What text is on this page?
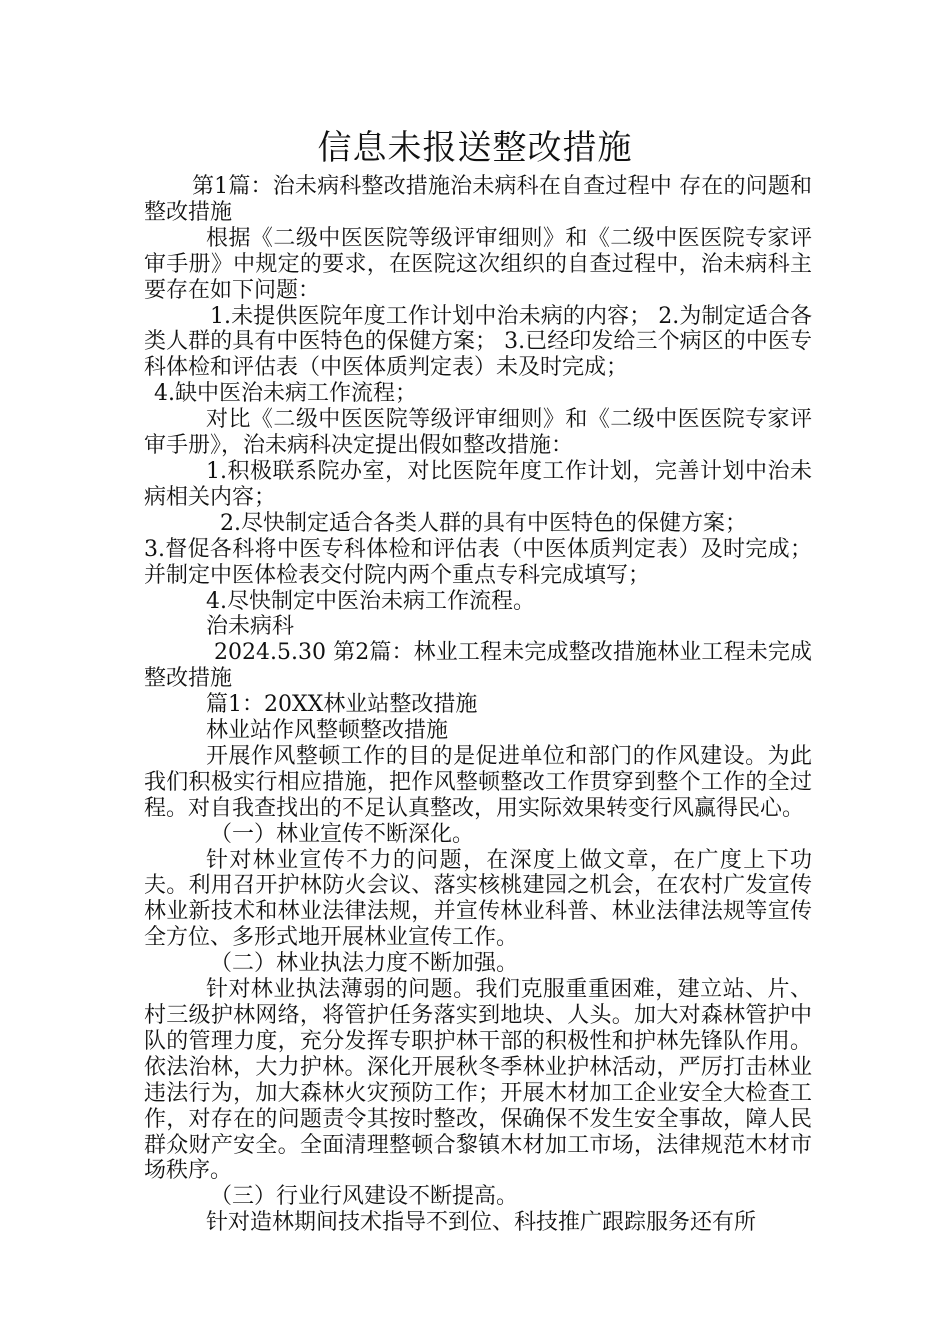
信息未报送整改措施

第1篇：治未病科整改措施治未病科在自查过程中 存在的问题和整改措施

根据《二级中医医院等级评审细则》和《二级中医医院专家评审手册》中规定的要求，在医院这次组织的自查过程中，治未病科主要存在如下问题：

1.未提供医院年度工作计划中治未病的内容； 2.为制定适合各类人群的具有中医特色的保健方案； 3.已经印发给三个病区的中医专科体检和评估表（中医体质判定表）未及时完成；

4.缺中医治未病工作流程；

对比《二级中医医院等级评审细则》和《二级中医医院专家评审手册》，治未病科决定提出假如整改措施：

1.积极联系院办室，对比医院年度工作计划，完善计划中治未病相关内容；

2.尽快制定适合各类人群的具有中医特色的保健方案；

3.督促各科将中医专科体检和评估表（中医体质判定表）及时完成；并制定中医体检表交付院内两个重点专科完成填写；

4.尽快制定中医治未病工作流程。

治未病科

2024.5.30 第2篇：林业工程未完成整改措施林业工程未完成整改措施

篇1：20XX林业站整改措施

林业站作风整顿整改措施

开展作风整顿工作的目的是促进单位和部门的作风建设。为此我们积极实行相应措施，把作风整顿整改工作贯穿到整个工作的全过程。对自我查找出的不足认真整改，用实际效果转变行风赢得民心。

（一）林业宣传不断深化。

针对林业宣传不力的问题，在深度上做文章，在广度上下功夫。利用召开护林防火会议、落实核桃建园之机会，在农村广发宣传林业新技术和林业法律法规，并宣传林业科普、林业法律法规等宣传全方位、多形式地开展林业宣传工作。

（二）林业执法力度不断加强。

针对林业执法薄弱的问题。我们克服重重困难，建立站、片、村三级护林网络，将管护任务落实到地块、人头。加大对森林管护中队的管理力度，充分发挥专职护林干部的积极性和护林先锋队作用。依法治林，大力护林。深化开展秋冬季林业护林活动，严厉打击林业违法行为，加大森林火灾预防工作；开展木材加工企业安全大检查工作，对存在的问题责令其按时整改，保确保不发生安全事故，障人民群众财产安全。全面清理整顿合黎镇木材加工市场，法律规范木材市场秩序。

（三）行业行风建设不断提高。

针对造林期间技术指导不到位、科技推广跟踪服务还有所
